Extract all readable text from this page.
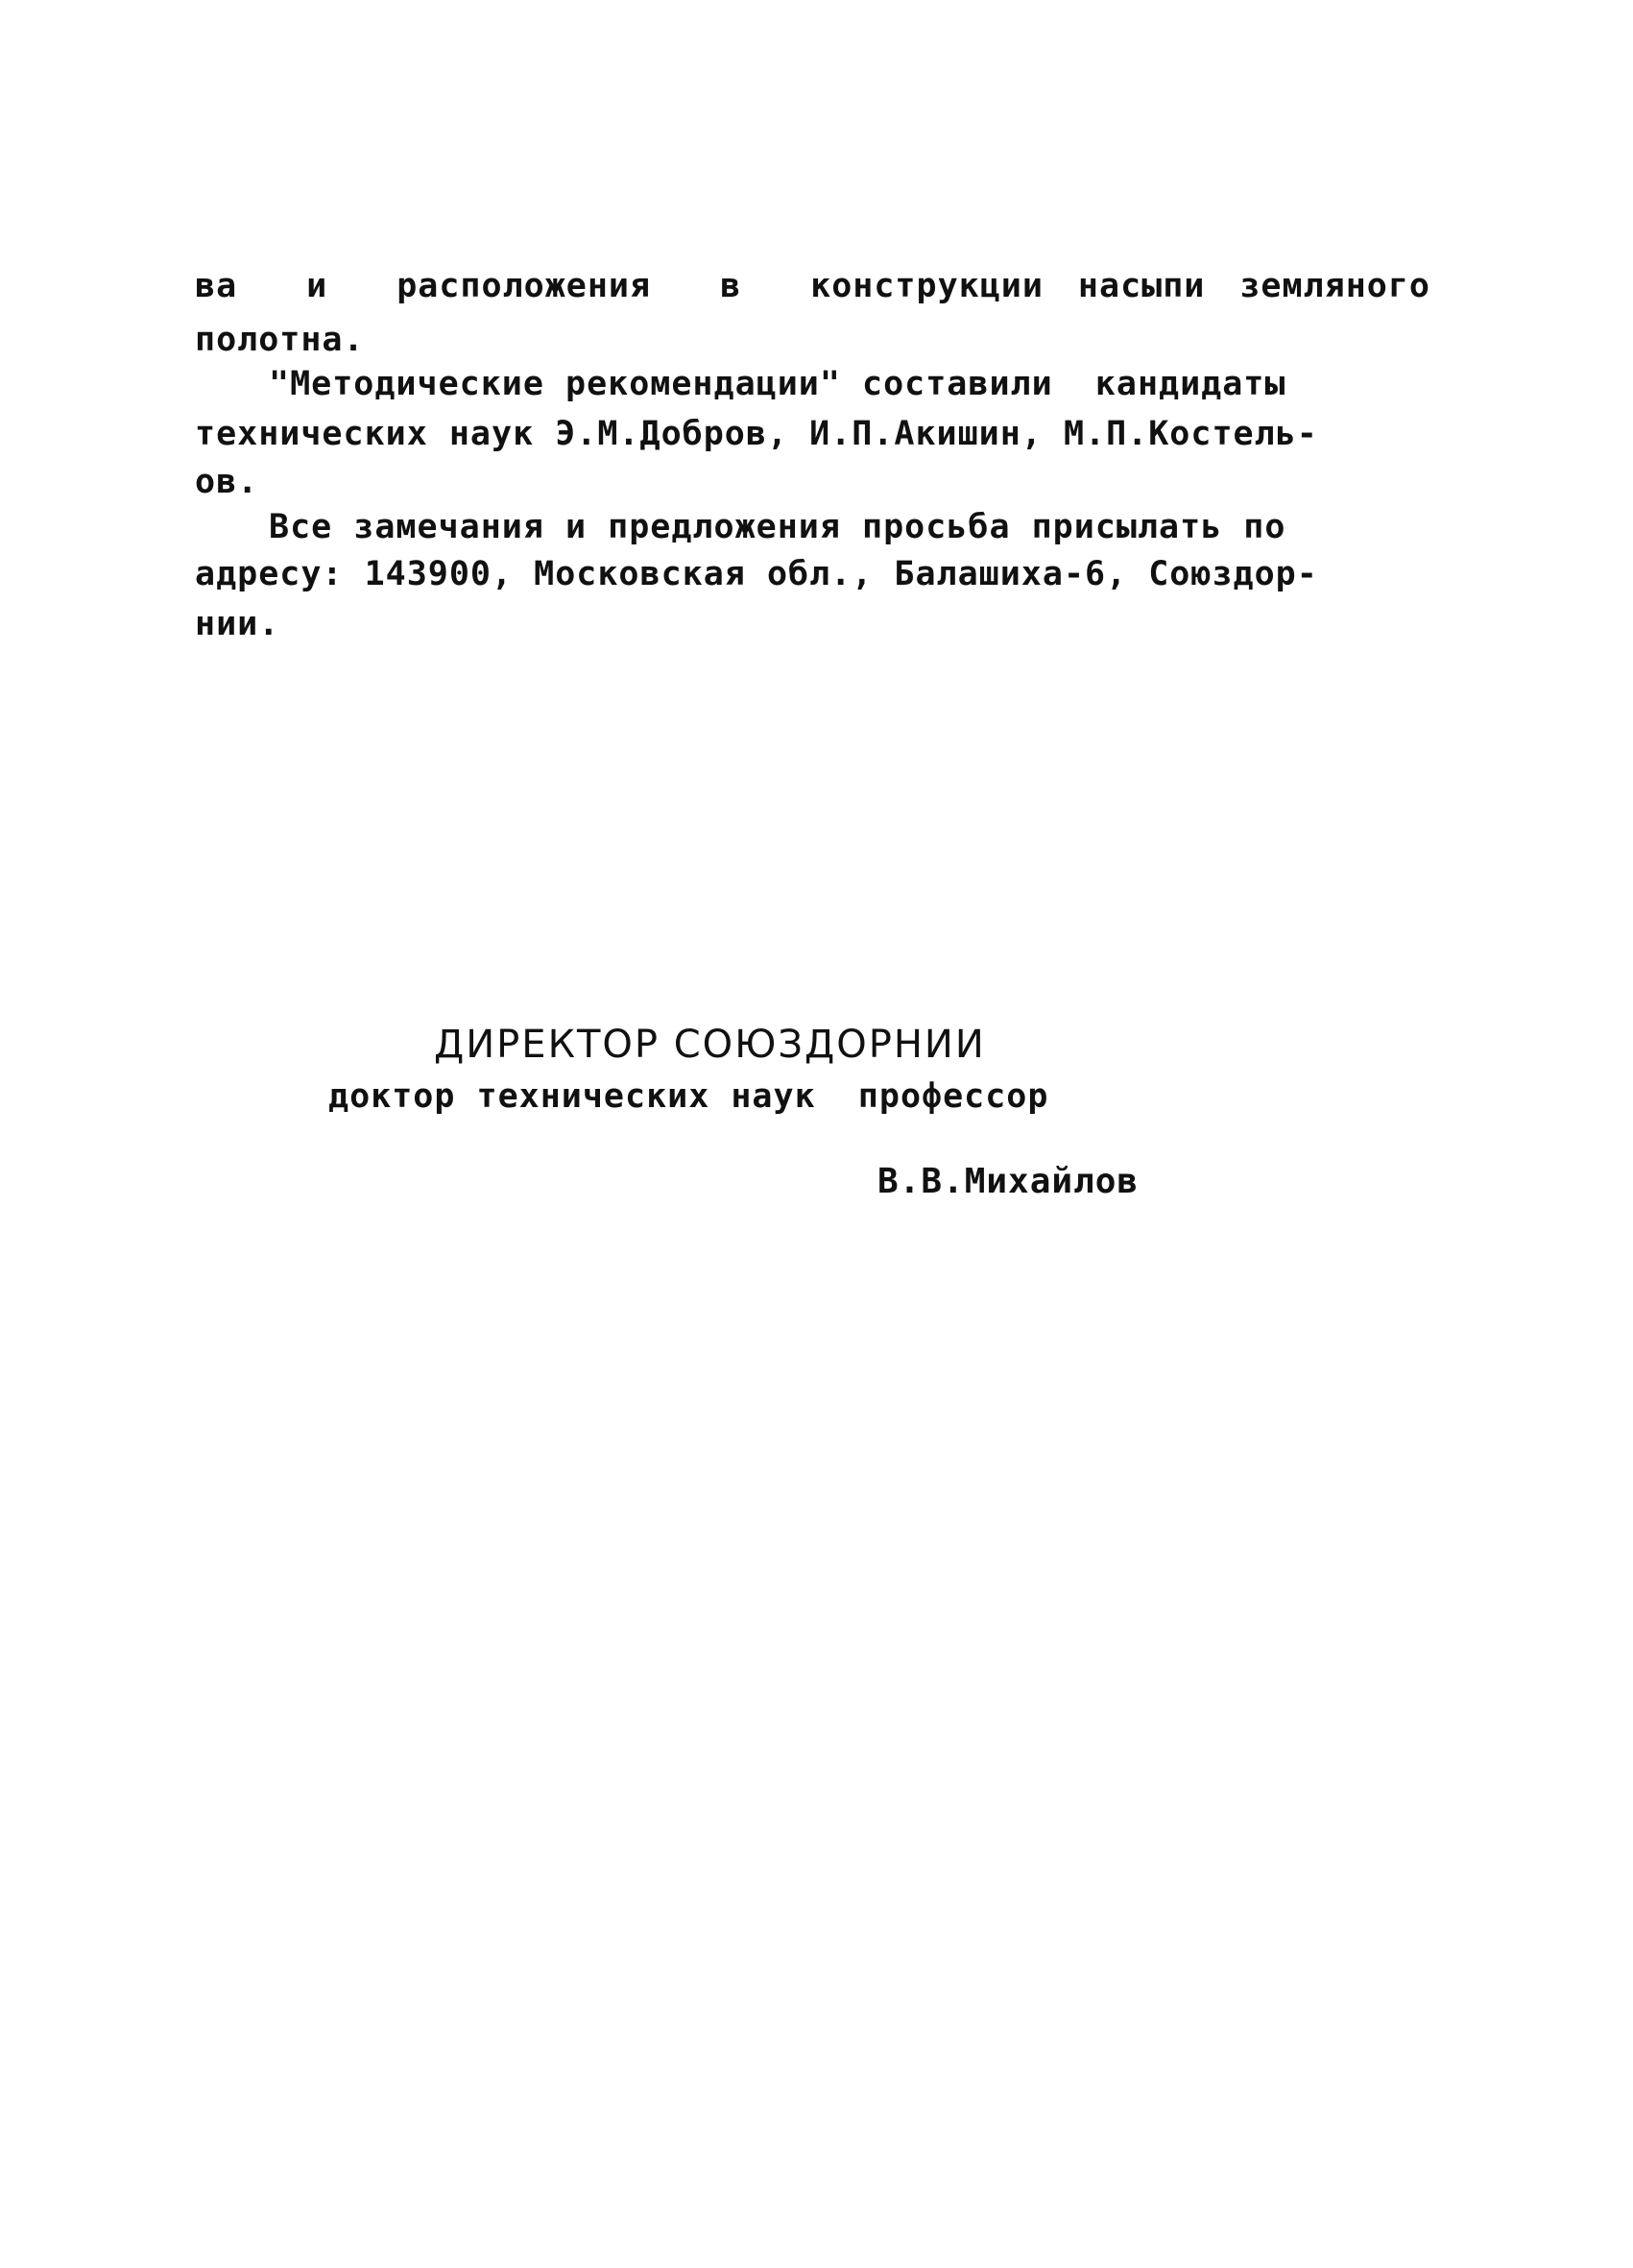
ва  и  расположения  в  конструкции насыпи земляного
полотна.
"Методические рекомендации" составили  кандидаты
технических наук Э.М.Добров, И.П.Акишин, М.П.Костель-
ов.
Все замечания и предложения просьба присылать по
адресу: 143900, Московская обл., Балашиха-6, Союздор-
нии.
ДИРЕКТОР СОЮЗДОРНИИ
доктор технических наук  профессор
В.В.Михайлов
